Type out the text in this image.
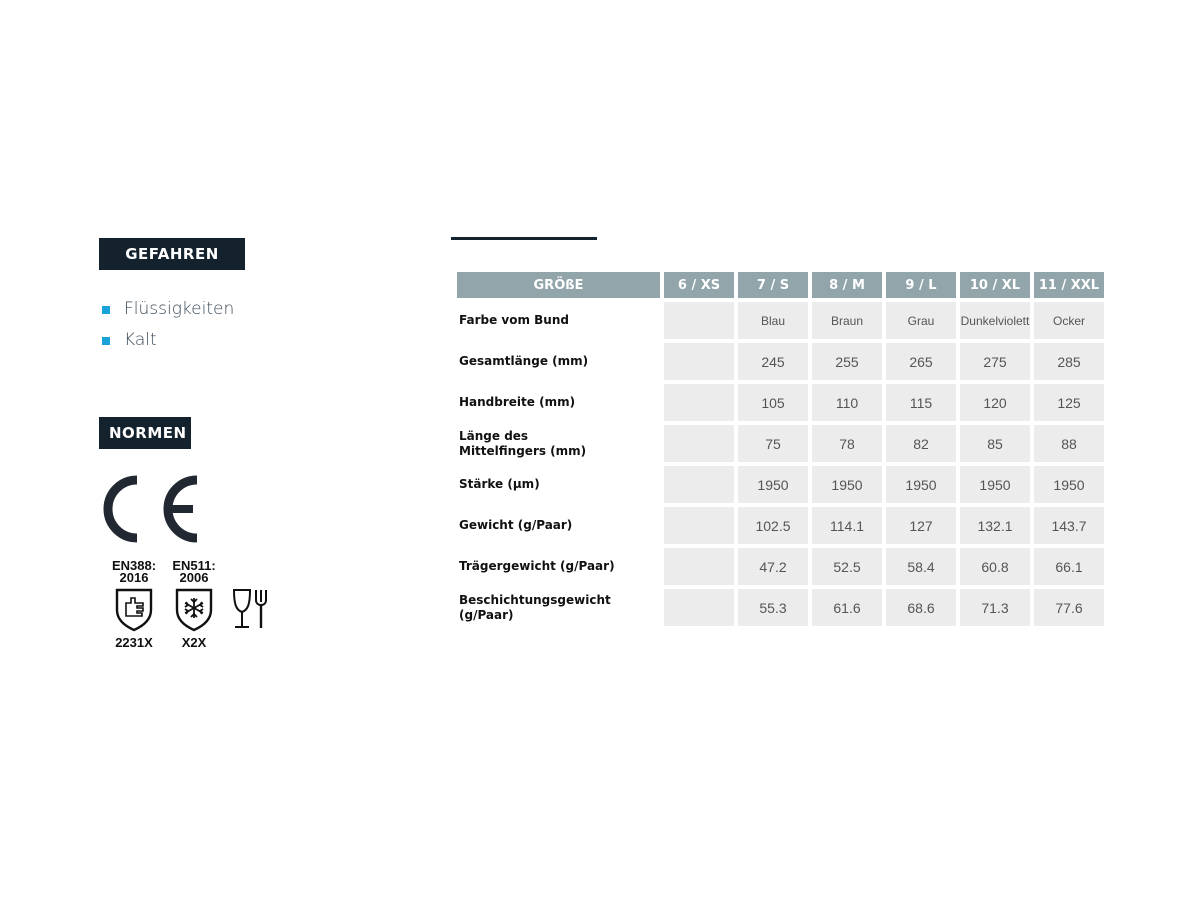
GEFAHREN
Flüssigkeiten
Kalt
NORMEN
EN388:
2016
2231X
EN511:
2006
X2X
GRÖßE	6 / XS	7 / S	8 / M	9 / L	10 / XL	11 / XXL
Farbe vom Bund		Blau	Braun	Grau	Dunkelviolett	Ocker
Gesamtlänge (mm)		245	255	265	275	285
Handbreite (mm)		105	110	115	120	125
Länge des
Mittelfingers (mm)		75	78	82	85	88
Stärke (µm)		1950	1950	1950	1950	1950
Gewicht (g/Paar)		102.5	114.1	127	132.1	143.7
Trägergewicht (g/Paar)		47.2	52.5	58.4	60.8	66.1
Beschichtungsgewicht
(g/Paar)		55.3	61.6	68.6	71.3	77.6
